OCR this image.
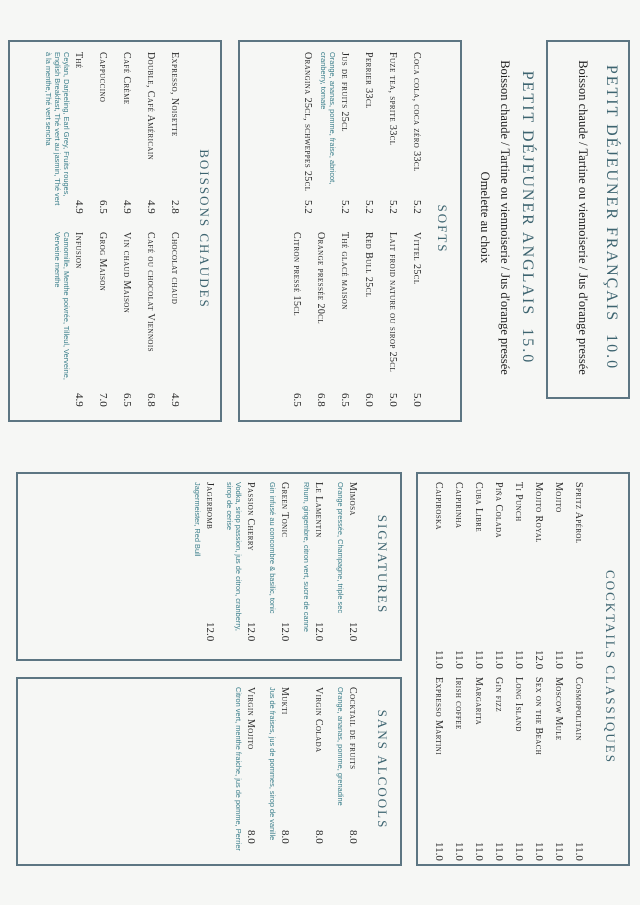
PETIT DÉJEUNER FRANÇAIS  10.0
Boisson chaude / Tartine ou viennoiserie / Jus d'orange pressée
PETIT DÉJEUNER ANGLAIS  15.0
Boisson chaude / Tartine ou viennoiserie / Jus d'orange pressée
Omelette au choix
SOFTS
BOISSONS CHAUDES
COCKTAILS CLASSIQUES
SIGNATURES
SANS ALCOOLS
Coca cola, coca zéro 33cl
5.2
Fuze tea, sprite 33cl
5.2
Perrier 33cl
5.2
Jus de fruits 25cl
5.2
Orange, ananas, pomme, fraise, abricot,
cranberry, tomate
Orangina 25cl, schweppes 25cl
5.2
Vittel 25cl
5.0
Lait froid nature ou sirop 25cl
5.0
Red Bull 25cl
6.0
Thé glacé maison
6.5
Orange pressée 20cl
6.8
Citron pressé 15cl
6.5
Expresso, Noisette
2.8
Double, Café Américain
4.9
Café Crème
4.9
Cappuccino
6.5
Thé
4.9
Ceylan, Darjeeling, Earl Grey, Fruits rouges,
English Breakfast, Thé vert au jasmin, Thé vert
à la menthe,Thé vert sencha
Chocolat chaud
4.9
Café ou chocolat Viennois
6.8
Vin chaud Maison
6.5
Grog Maison
7.0
Infusion
4.9
Camomille, Menthe poivrée, Tilleul, Verveine,
Verveine menthe
Spritz Apérol
11.0
Mojito
11.0
Mojito Royal
12.0
Ti Punch
11.0
Piña Colada
11.0
Cuba Libre
11.0
Caipirinha
11.0
Caipiroska
11.0
Cosmopolitain
11.0
Moscow Mule
11.0
Sex on the Beach
11.0
Long Island
11.0
Gin fizz
11.0
Margarita
11.0
Irish coffee
11.0
Expresso Martini
11.0
Mimosa
12.0
Orange pressée, Champagne, triple sec
Le Lamentin
12.0
Rhum, gingembre, citron vert, sucre de canne
Green Tonic
12.0
Gin infusé au concombre & basilic, tonic
Passion Cherry
12.0
Vodka, sirop passion, jus de citron, cranberry,
sirop de cerise
Jagerbomb
12.0
Jagermeister, Red Bull
Cocktail de fruits
8.0
Orange, ananas, pomme, grenadine
Virgin Colada
8.0
Mukti
8.0
Jus de fraises, jus de pommes, sirop de vanille
Virgin Mojito
8.0
Citron vert, menthe fraiche, jus de pomme, Perrier
